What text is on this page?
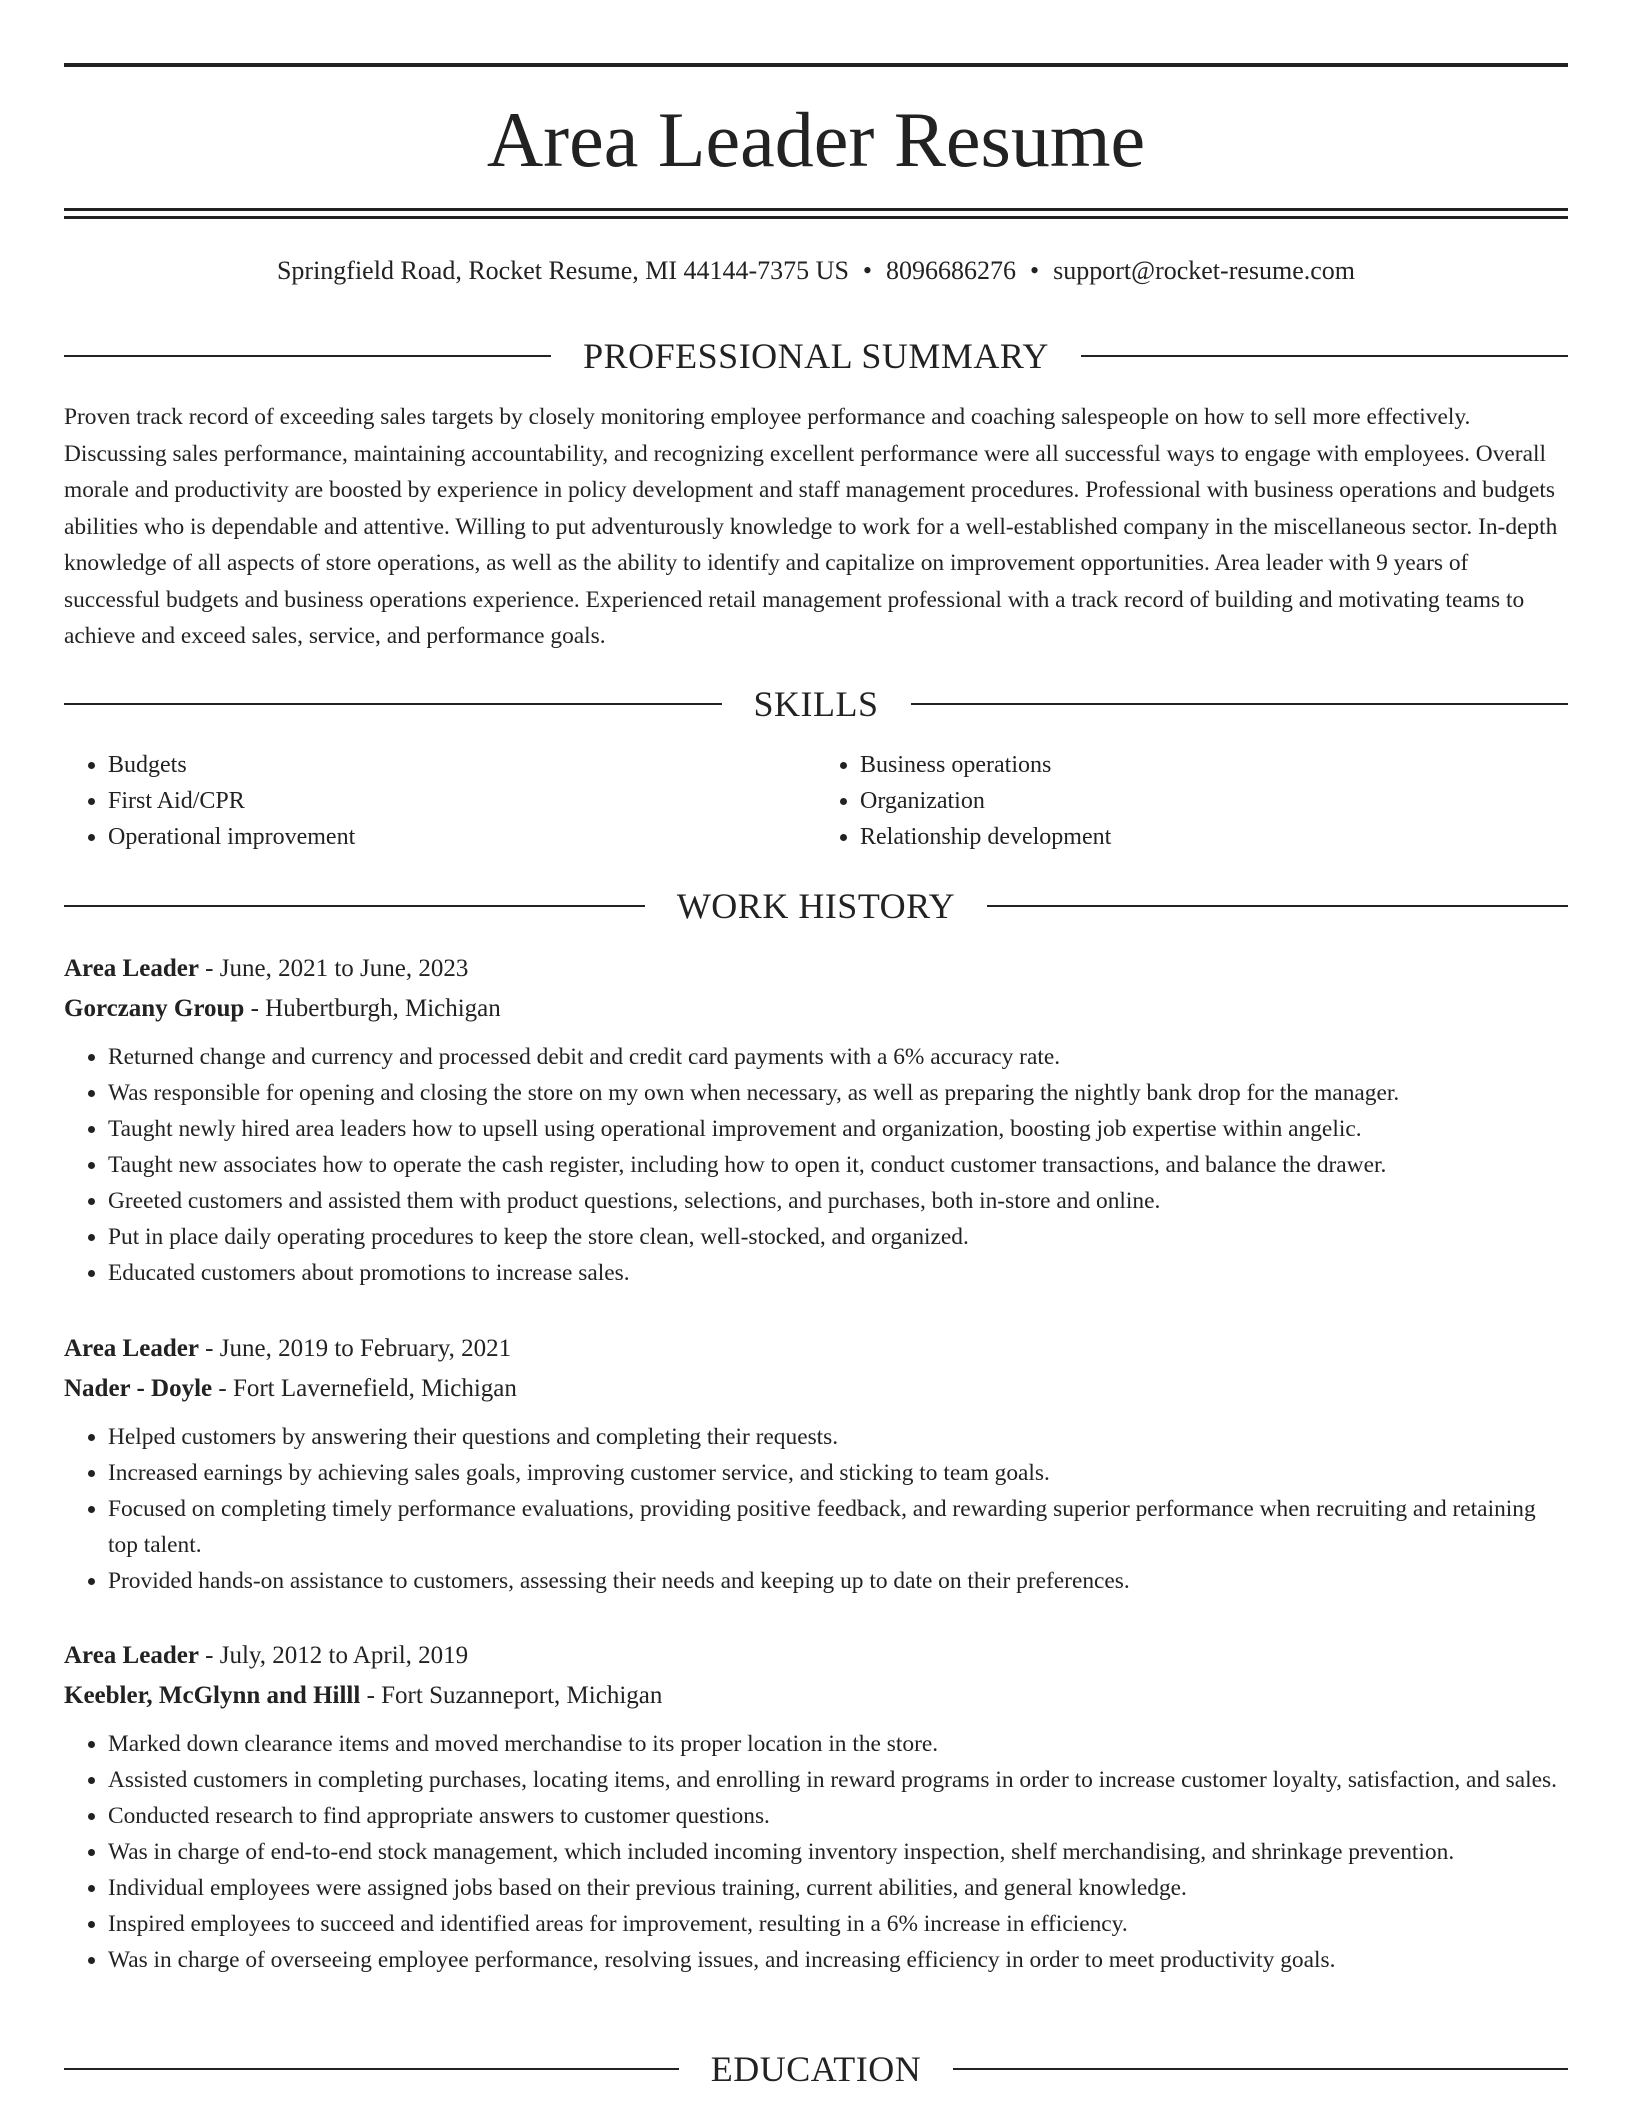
Area Leader Resume
Springfield Road, Rocket Resume, MI 44144-7375 US • 8096686276 • support@rocket-resume.com
PROFESSIONAL SUMMARY

Proven track record of exceeding sales targets by closely monitoring employee performance and coaching salespeople on how to sell more effectively. Discussing sales performance, maintaining accountability, and recognizing excellent performance were all successful ways to engage with employees. Overall morale and productivity are boosted by experience in policy development and staff management procedures. Professional with business operations and budgets abilities who is dependable and attentive. Willing to put adventurously knowledge to work for a well-established company in the miscellaneous sector. In-depth knowledge of all aspects of store operations, as well as the ability to identify and capitalize on improvement opportunities. Area leader with 9 years of successful budgets and business operations experience. Experienced retail management professional with a track record of building and motivating teams to achieve and exceed sales, service, and performance goals.

SKILLS
• Budgets
• First Aid/CPR
• Operational improvement
• Business operations
• Organization
• Relationship development
WORK HISTORY
Area Leader - June, 2021 to June, 2023
Gorczany Group - Hubertburgh, Michigan
• Returned change and currency and processed debit and credit card payments with a 6% accuracy rate.
• Was responsible for opening and closing the store on my own when necessary, as well as preparing the nightly bank drop for the manager.
• Taught newly hired area leaders how to upsell using operational improvement and organization, boosting job expertise within angelic.
• Taught new associates how to operate the cash register, including how to open it, conduct customer transactions, and balance the drawer.
• Greeted customers and assisted them with product questions, selections, and purchases, both in-store and online.
• Put in place daily operating procedures to keep the store clean, well-stocked, and organized.
• Educated customers about promotions to increase sales.
Area Leader - June, 2019 to February, 2021
Nader - Doyle - Fort Lavernefield, Michigan
• Helped customers by answering their questions and completing their requests.
• Increased earnings by achieving sales goals, improving customer service, and sticking to team goals.
• Focused on completing timely performance evaluations, providing positive feedback, and rewarding superior performance when recruiting and retaining top talent.
• Provided hands-on assistance to customers, assessing their needs and keeping up to date on their preferences.
Area Leader - July, 2012 to April, 2019
Keebler, McGlynn and Hilll - Fort Suzanneport, Michigan
• Marked down clearance items and moved merchandise to its proper location in the store.
• Assisted customers in completing purchases, locating items, and enrolling in reward programs in order to increase customer loyalty, satisfaction, and sales.
• Conducted research to find appropriate answers to customer questions.
• Was in charge of end-to-end stock management, which included incoming inventory inspection, shelf merchandising, and shrinkage prevention.
• Individual employees were assigned jobs based on their previous training, current abilities, and general knowledge.
• Inspired employees to succeed and identified areas for improvement, resulting in a 6% increase in efficiency.
• Was in charge of overseeing employee performance, resolving issues, and increasing efficiency in order to meet productivity goals.
EDUCATION
